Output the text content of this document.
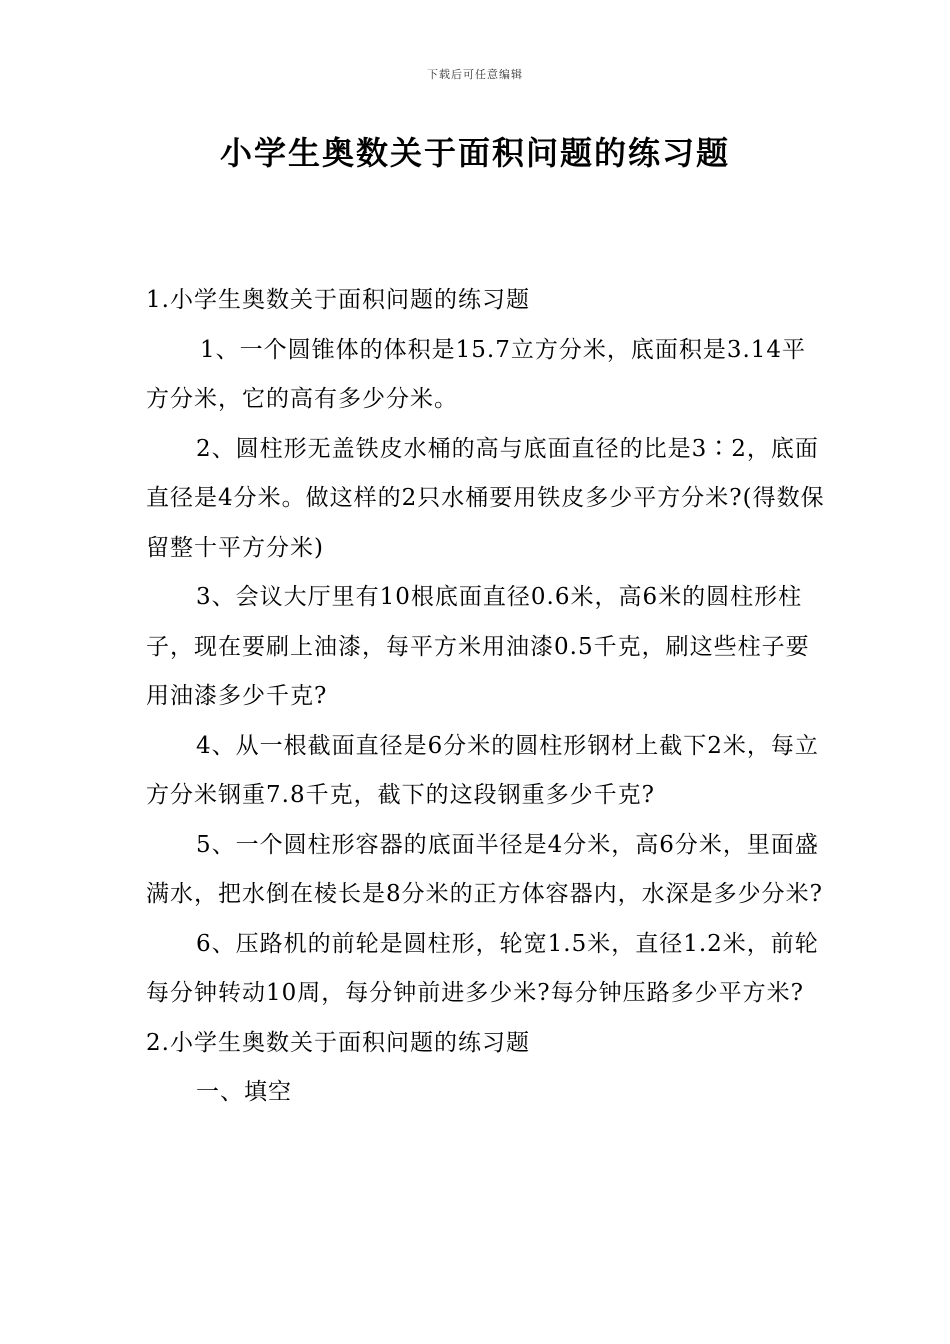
下载后可任意编辑
小学生奥数关于面积问题的练习题

1.小学生奥数关于面积问题的练习题

1、一个圆锥体的体积是15.7立方分米，底面积是3.14平方分米，它的高有多少分米。

2、圆柱形无盖铁皮水桶的高与底面直径的比是3∶2，底面直径是4分米。做这样的2只水桶要用铁皮多少平方分米?(得数保留整十平方分米)

3、会议大厅里有10根底面直径0.6米，高6米的圆柱形柱子，现在要刷上油漆，每平方米用油漆0.5千克，刷这些柱子要用油漆多少千克?

4、从一根截面直径是6分米的圆柱形钢材上截下2米，每立方分米钢重7.8千克，截下的这段钢重多少千克?

5、一个圆柱形容器的底面半径是4分米，高6分米，里面盛满水，把水倒在棱长是8分米的正方体容器内，水深是多少分米?

6、压路机的前轮是圆柱形，轮宽1.5米，直径1.2米，前轮每分钟转动10周，每分钟前进多少米?每分钟压路多少平方米?

2.小学生奥数关于面积问题的练习题

一、填空
